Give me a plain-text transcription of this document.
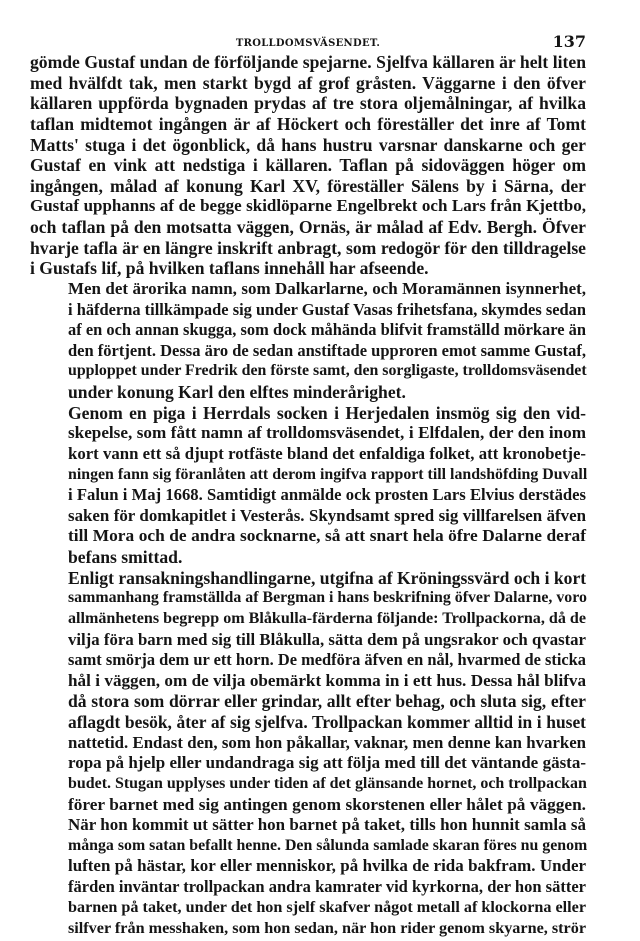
TROLLDOMSVÄSENDET.	137
gömde Gustaf undan de förföljande spejarne. Sjelfva källaren är helt liten
med hvälfdt tak, men starkt bygd af grof gråsten. Väggarne i den öfver
källaren uppförda bygnaden prydas af tre stora oljemålningar, af hvilka
taflan midtemot ingången är af Höckert och föreställer det inre af Tomt
Matts' stuga i det ögonblick, då hans hustru varsnar danskarne och ger
Gustaf en vink att nedstiga i källaren. Taflan på sidoväggen höger om
ingången, målad af konung Karl XV, föreställer Sälens by i Särna, der
Gustaf upphanns af de begge skidlöparne Engelbrekt och Lars från Kjettbo,
och taflan på den motsatta väggen, Ornäs, är målad af Edv. Bergh. Öfver
hvarje tafla är en längre inskrift anbragt, som redogör för den tilldragelse
i Gustafs lif, på hvilken taflans innehåll har afseende.
Men det ärorika namn, som Dalkarlarne, och Moramännen isynnerhet,
i häfderna tillkämpade sig under Gustaf Vasas frihetsfana, skymdes sedan
af en och annan skugga, som dock måhända blifvit framställd mörkare än
den förtjent. Dessa äro de sedan anstiftade upproren emot samme Gustaf,
upploppet under Fredrik den förste samt, den sorgligaste, trolldomsväsendet
under konung Karl den elftes minderårighet.
Genom en piga i Herrdals socken i Herjedalen insmög sig den vid-
skepelse, som fått namn af trolldomsväsendet, i Elfdalen, der den inom
kort vann ett så djupt rotfäste bland det enfaldiga folket, att kronobetje-
ningen fann sig föranlåten att derom ingifva rapport till landshöfding Duvall
i Falun i Maj 1668. Samtidigt anmälde ock prosten Lars Elvius derstädes
saken för domkapitlet i Vesterås. Skyndsamt spred sig villfarelsen äfven
till Mora och de andra socknarne, så att snart hela öfre Dalarne deraf
befans smittad.
Enligt ransakningshandlingarne, utgifna af Kröningssvärd och i kort
sammanhang framställda af Bergman i hans beskrifning öfver Dalarne, voro
allmänhetens begrepp om Blåkulla-färderna följande: Trollpackorna, då de
vilja föra barn med sig till Blåkulla, sätta dem på ungsrakor och qvastar
samt smörja dem ur ett horn. De medföra äfven en nål, hvarmed de sticka
hål i väggen, om de vilja obemärkt komma in i ett hus. Dessa hål blifva
då stora som dörrar eller grindar, allt efter behag, och sluta sig, efter
aflagdt besök, åter af sig sjelfva. Trollpackan kommer alltid in i huset
nattetid. Endast den, som hon påkallar, vaknar, men denne kan hvarken
ropa på hjelp eller undandraga sig att följa med till det väntande gästa-
budet. Stugan upplyses under tiden af det glänsande hornet, och trollpackan
förer barnet med sig antingen genom skorstenen eller hålet på väggen.
När hon kommit ut sätter hon barnet på taket, tills hon hunnit samla så
många som satan befallt henne. Den sålunda samlade skaran föres nu genom
luften på hästar, kor eller menniskor, på hvilka de rida bakfram. Under
färden inväntar trollpackan andra kamrater vid kyrkorna, der hon sätter
barnen på taket, under det hon sjelf skafver något metall af klockorna eller
silfver från messhaken, som hon sedan, när hon rider genom skyarne, strör
